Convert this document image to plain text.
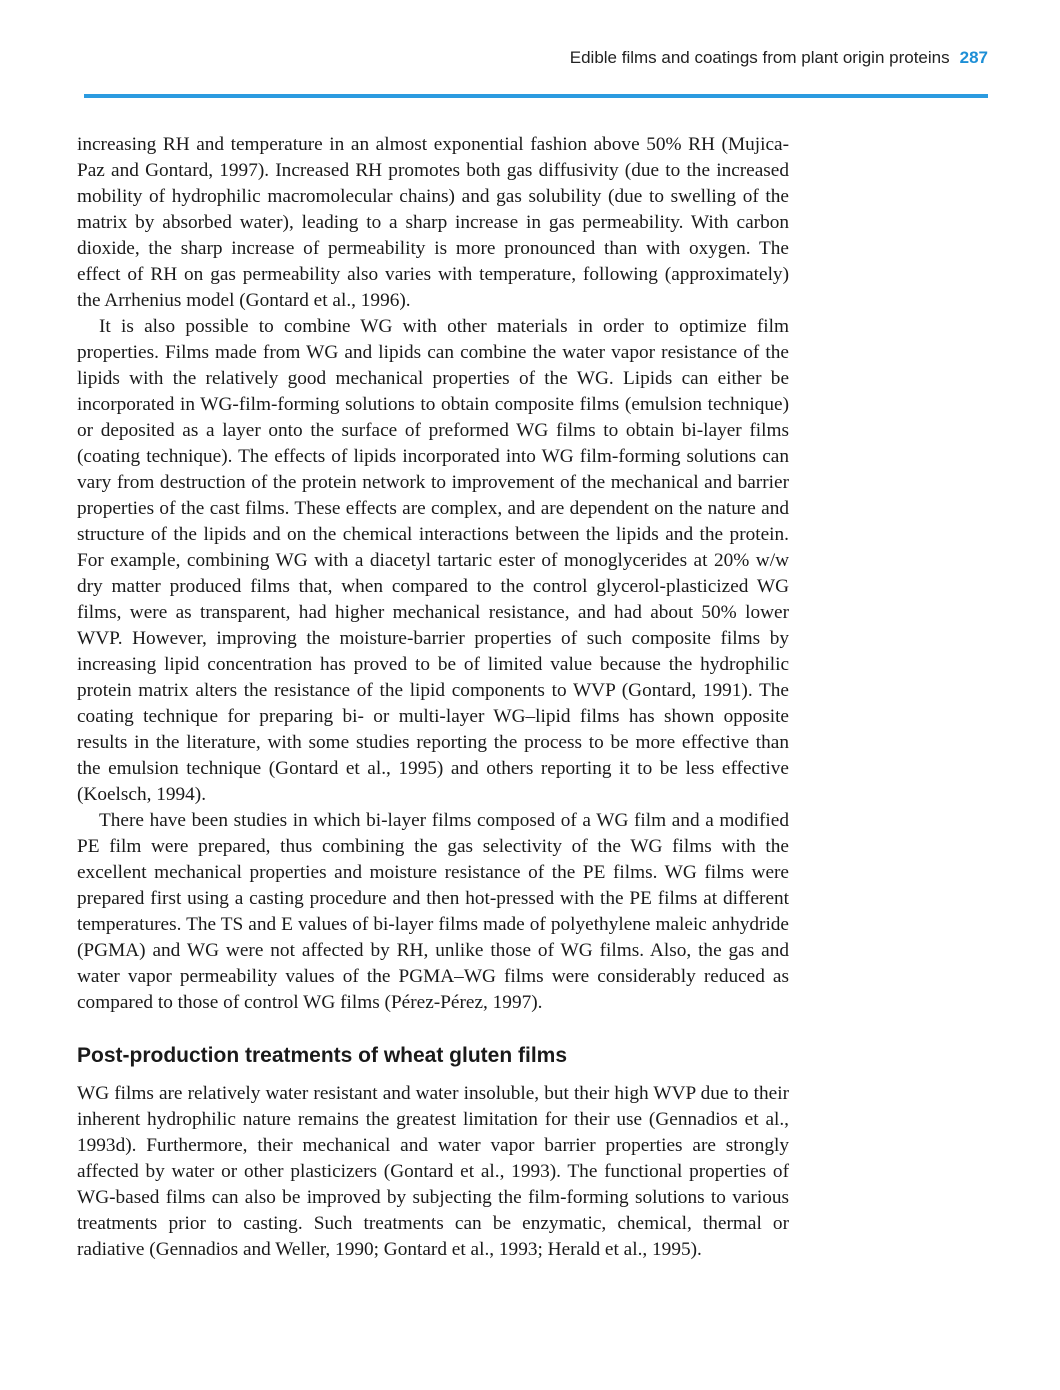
Edible films and coatings from plant origin proteins 287

increasing RH and temperature in an almost exponential fashion above 50% RH (Mujica-Paz and Gontard, 1997). Increased RH promotes both gas diffusivity (due to the increased mobility of hydrophilic macromolecular chains) and gas solubility (due to swelling of the matrix by absorbed water), leading to a sharp increase in gas permeability. With carbon dioxide, the sharp increase of permeability is more pronounced than with oxygen. The effect of RH on gas permeability also varies with temperature, following (approximately) the Arrhenius model (Gontard et al., 1996).

It is also possible to combine WG with other materials in order to optimize film properties. Films made from WG and lipids can combine the water vapor resistance of the lipids with the relatively good mechanical properties of the WG. Lipids can either be incorporated in WG-film-forming solutions to obtain composite films (emulsion technique) or deposited as a layer onto the surface of preformed WG films to obtain bi-layer films (coating technique). The effects of lipids incorporated into WG film-forming solutions can vary from destruction of the protein network to improvement of the mechanical and barrier properties of the cast films. These effects are complex, and are dependent on the nature and structure of the lipids and on the chemical interactions between the lipids and the protein. For example, combining WG with a diacetyl tartaric ester of monoglycerides at 20% w/w dry matter produced films that, when compared to the control glycerol-plasticized WG films, were as transparent, had higher mechanical resistance, and had about 50% lower WVP. However, improving the moisture-barrier properties of such composite films by increasing lipid concentration has proved to be of limited value because the hydrophilic protein matrix alters the resistance of the lipid components to WVP (Gontard, 1991). The coating technique for preparing bi- or multi-layer WG–lipid films has shown opposite results in the literature, with some studies reporting the process to be more effective than the emulsion technique (Gontard et al., 1995) and others reporting it to be less effective (Koelsch, 1994).

There have been studies in which bi-layer films composed of a WG film and a modified PE film were prepared, thus combining the gas selectivity of the WG films with the excellent mechanical properties and moisture resistance of the PE films. WG films were prepared first using a casting procedure and then hot-pressed with the PE films at different temperatures. The TS and E values of bi-layer films made of polyethylene maleic anhydride (PGMA) and WG were not affected by RH, unlike those of WG films. Also, the gas and water vapor permeability values of the PGMA–WG films were considerably reduced as compared to those of control WG films (Pérez-Pérez, 1997).

Post-production treatments of wheat gluten films

WG films are relatively water resistant and water insoluble, but their high WVP due to their inherent hydrophilic nature remains the greatest limitation for their use (Gennadios et al., 1993d). Furthermore, their mechanical and water vapor barrier properties are strongly affected by water or other plasticizers (Gontard et al., 1993). The functional properties of WG-based films can also be improved by subjecting the film-forming solutions to various treatments prior to casting. Such treatments can be enzymatic, chemical, thermal or radiative (Gennadios and Weller, 1990; Gontard et al., 1993; Herald et al., 1995).
